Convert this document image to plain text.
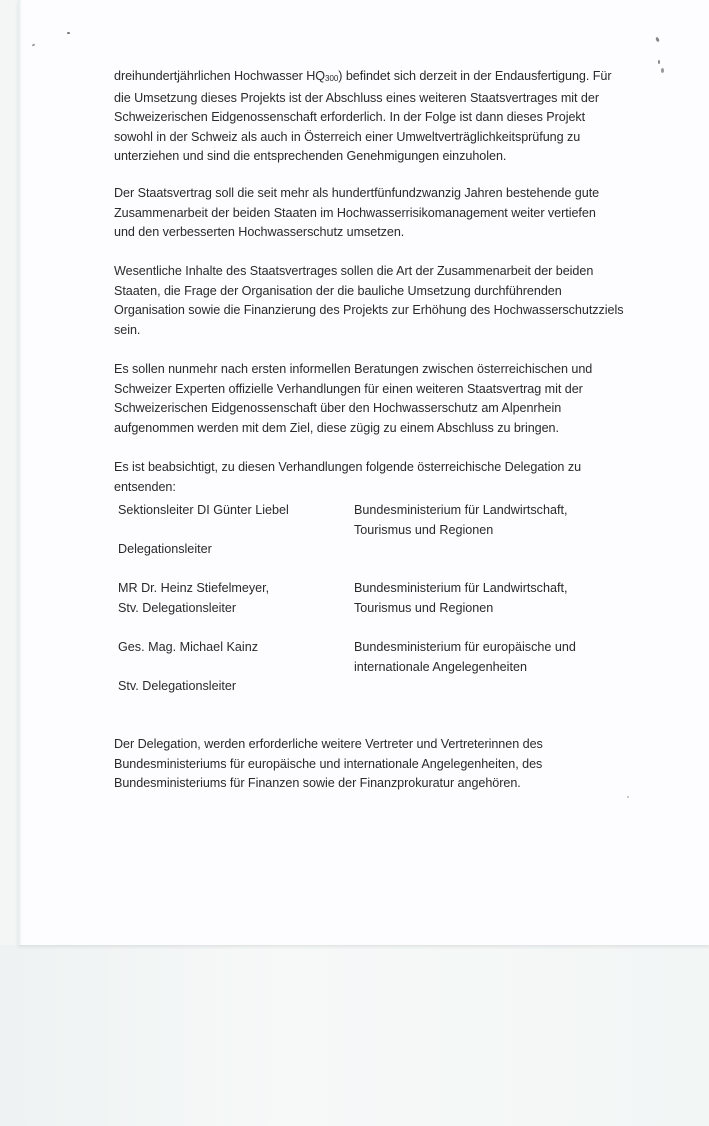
dreihundertjährlichen Hochwasser HQ300) befindet sich derzeit in der Endausfertigung. Für

die Umsetzung dieses Projekts ist der Abschluss eines weiteren Staatsvertrages mit der

Schweizerischen Eidgenossenschaft erforderlich. In der Folge ist dann dieses Projekt

sowohl in der Schweiz als auch in Österreich einer Umweltverträglichkeitsprüfung zu

unterziehen und sind die entsprechenden Genehmigungen einzuholen.

Der Staatsvertrag soll die seit mehr als hundertfünfundzwanzig Jahren bestehende gute

Zusammenarbeit der beiden Staaten im Hochwasserrisikomanagement weiter vertiefen

und den verbesserten Hochwasserschutz umsetzen.

Wesentliche Inhalte des Staatsvertrages sollen die Art der Zusammenarbeit der beiden

Staaten, die Frage der Organisation der die bauliche Umsetzung durchführenden

Organisation sowie die Finanzierung des Projekts zur Erhöhung des Hochwasserschutzziels

sein.

Es sollen nunmehr nach ersten informellen Beratungen zwischen österreichischen und

Schweizer Experten offizielle Verhandlungen für einen weiteren Staatsvertrag mit der

Schweizerischen Eidgenossenschaft über den Hochwasserschutz am Alpenrhein

aufgenommen werden mit dem Ziel, diese zügig zu einem Abschluss zu bringen.

Es ist beabsichtigt, zu diesen Verhandlungen folgende österreichische Delegation zu

entsenden:

Sektionsleiter DI Günter Liebel	Bundesministerium für Landwirtschaft,
Tourismus und Regionen
Delegationsleiter
MR Dr. Heinz Stiefelmeyer,
Stv. Delegationsleiter
Bundesministerium für Landwirtschaft,
Tourismus und Regionen
Ges. Mag. Michael Kainz	Bundesministerium für europäische und
internationale Angelegenheiten
Stv. Delegationsleiter

Der Delegation, werden erforderliche weitere Vertreter und Vertreterinnen des

Bundesministeriums für europäische und internationale Angelegenheiten, des

Bundesministeriums für Finanzen sowie der Finanzprokuratur angehören.
